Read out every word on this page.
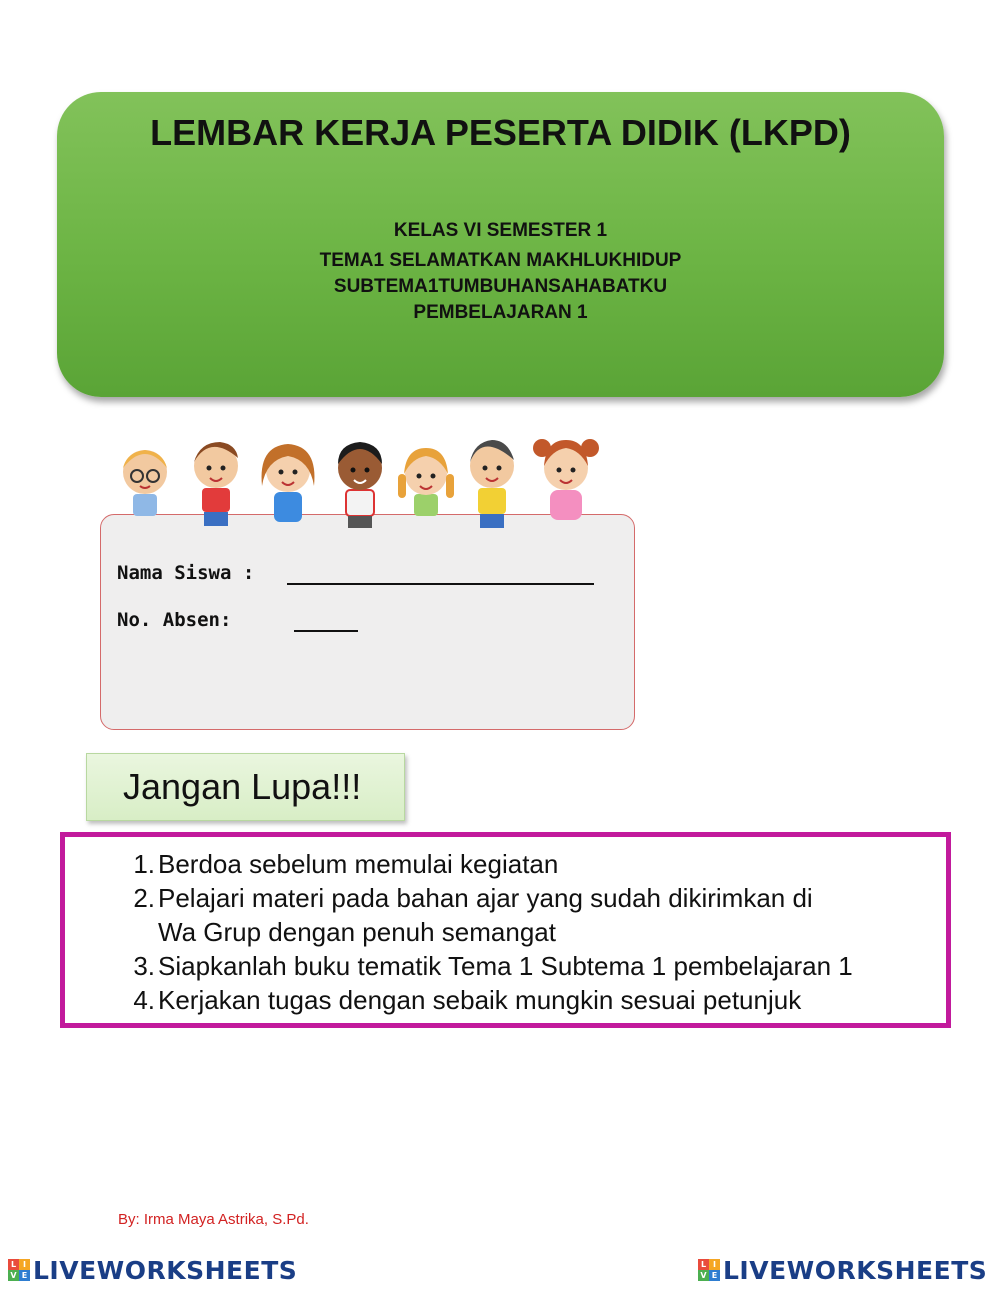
LEMBAR KERJA PESERTA DIDIK (LKPD)
KELAS VI SEMESTER 1
TEMA1 SELAMATKAN MAKHLUKHIDUP
SUBTEMA1TUMBUHANSAHABATKU
PEMBELAJARAN 1
Nama Siswa :
No. Absen:
Jangan Lupa!!!
1. Berdoa sebelum memulai kegiatan
2. Pelajari materi pada bahan ajar yang sudah dikirimkan di
Wa Grup dengan penuh semangat
3. Siapkanlah buku tematik Tema 1 Subtema 1 pembelajaran 1
4. Kerjakan tugas dengan sebaik mungkin sesuai petunjuk
By: Irma Maya Astrika, S.Pd.
L I
V E LIVEWORKSHEETS	L I
V E LIVEWORKSHEETS
